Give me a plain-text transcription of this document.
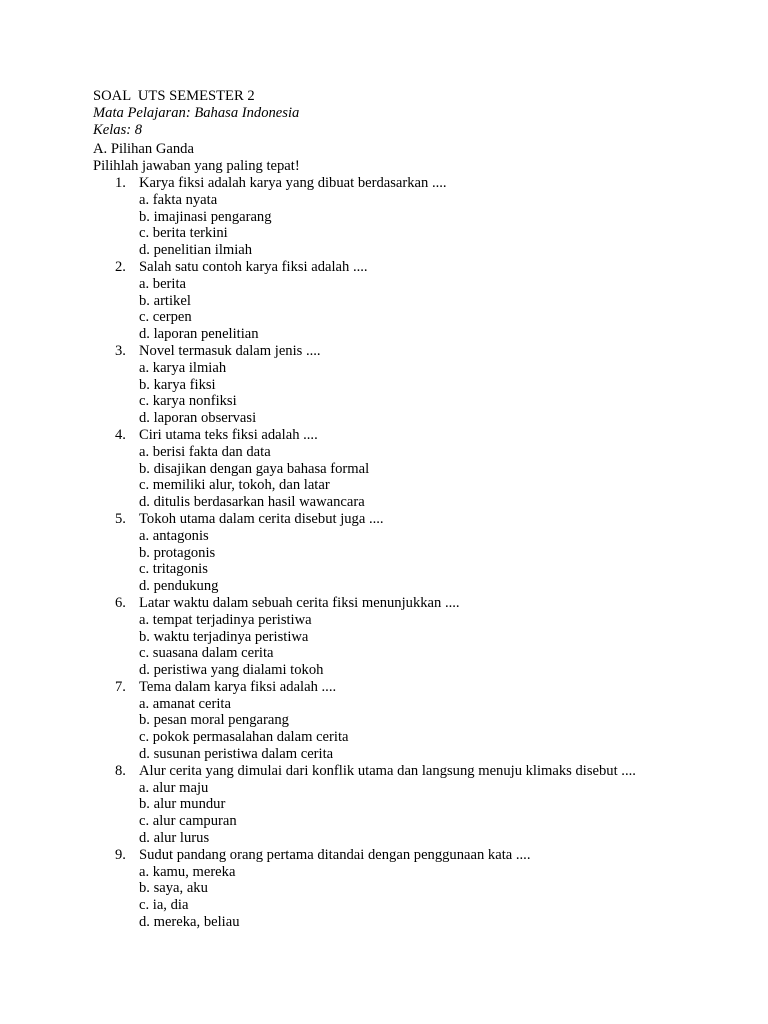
SOAL  UTS SEMESTER 2
Mata Pelajaran: Bahasa Indonesia
Kelas: 8
A. Pilihan Ganda
Pilihlah jawaban yang paling tepat!
1. Karya fiksi adalah karya yang dibuat berdasarkan ....
a. fakta nyata
b. imajinasi pengarang
c. berita terkini
d. penelitian ilmiah
2. Salah satu contoh karya fiksi adalah ....
a. berita
b. artikel
c. cerpen
d. laporan penelitian
3. Novel termasuk dalam jenis ....
a. karya ilmiah
b. karya fiksi
c. karya nonfiksi
d. laporan observasi
4. Ciri utama teks fiksi adalah ....
a. berisi fakta dan data
b. disajikan dengan gaya bahasa formal
c. memiliki alur, tokoh, dan latar
d. ditulis berdasarkan hasil wawancara
5. Tokoh utama dalam cerita disebut juga ....
a. antagonis
b. protagonis
c. tritagonis
d. pendukung
6. Latar waktu dalam sebuah cerita fiksi menunjukkan ....
a. tempat terjadinya peristiwa
b. waktu terjadinya peristiwa
c. suasana dalam cerita
d. peristiwa yang dialami tokoh
7. Tema dalam karya fiksi adalah ....
a. amanat cerita
b. pesan moral pengarang
c. pokok permasalahan dalam cerita
d. susunan peristiwa dalam cerita
8. Alur cerita yang dimulai dari konflik utama dan langsung menuju klimaks disebut ....
a. alur maju
b. alur mundur
c. alur campuran
d. alur lurus
9. Sudut pandang orang pertama ditandai dengan penggunaan kata ....
a. kamu, mereka
b. saya, aku
c. ia, dia
d. mereka, beliau
